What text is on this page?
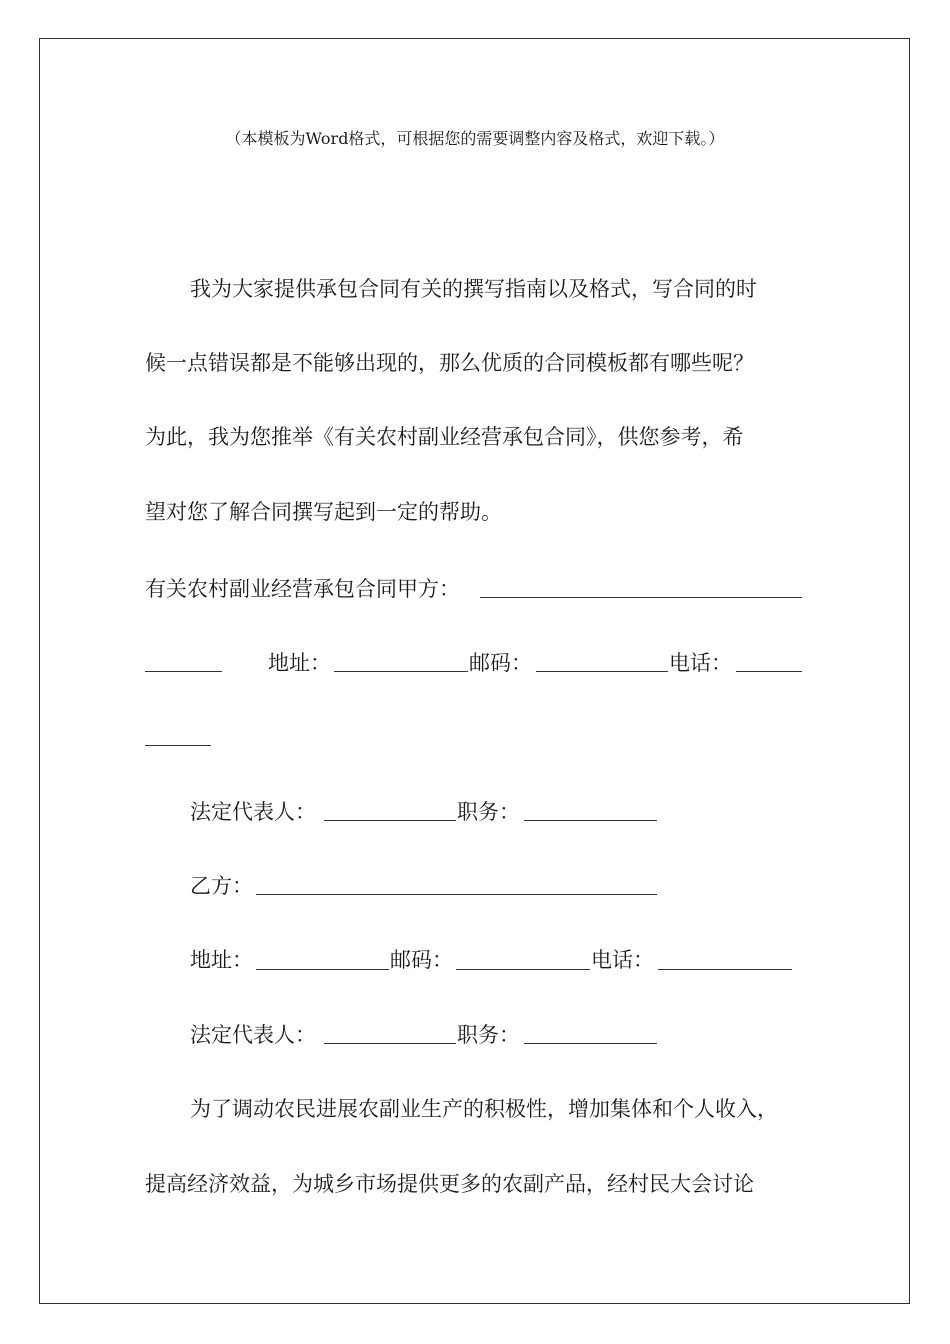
（本模板为Word格式，可根据您的需要调整内容及格式，欢迎下载。）
我为大家提供承包合同有关的撰写指南以及格式，写合同的时
候一点错误都是不能够出现的，那么优质的合同模板都有哪些呢？
为此，我为您推举《有关农村副业经营承包合同》，供您参考，希
望对您了解合同撰写起到一定的帮助。
有关农村副业经营承包合同甲方：
地址：	邮码：	电话：
法定代表人：	职务：
乙方：
地址：	邮码：	电话：
法定代表人：	职务：
为了调动农民进展农副业生产的积极性，增加集体和个人收入，
提高经济效益，为城乡市场提供更多的农副产品，经村民大会讨论
